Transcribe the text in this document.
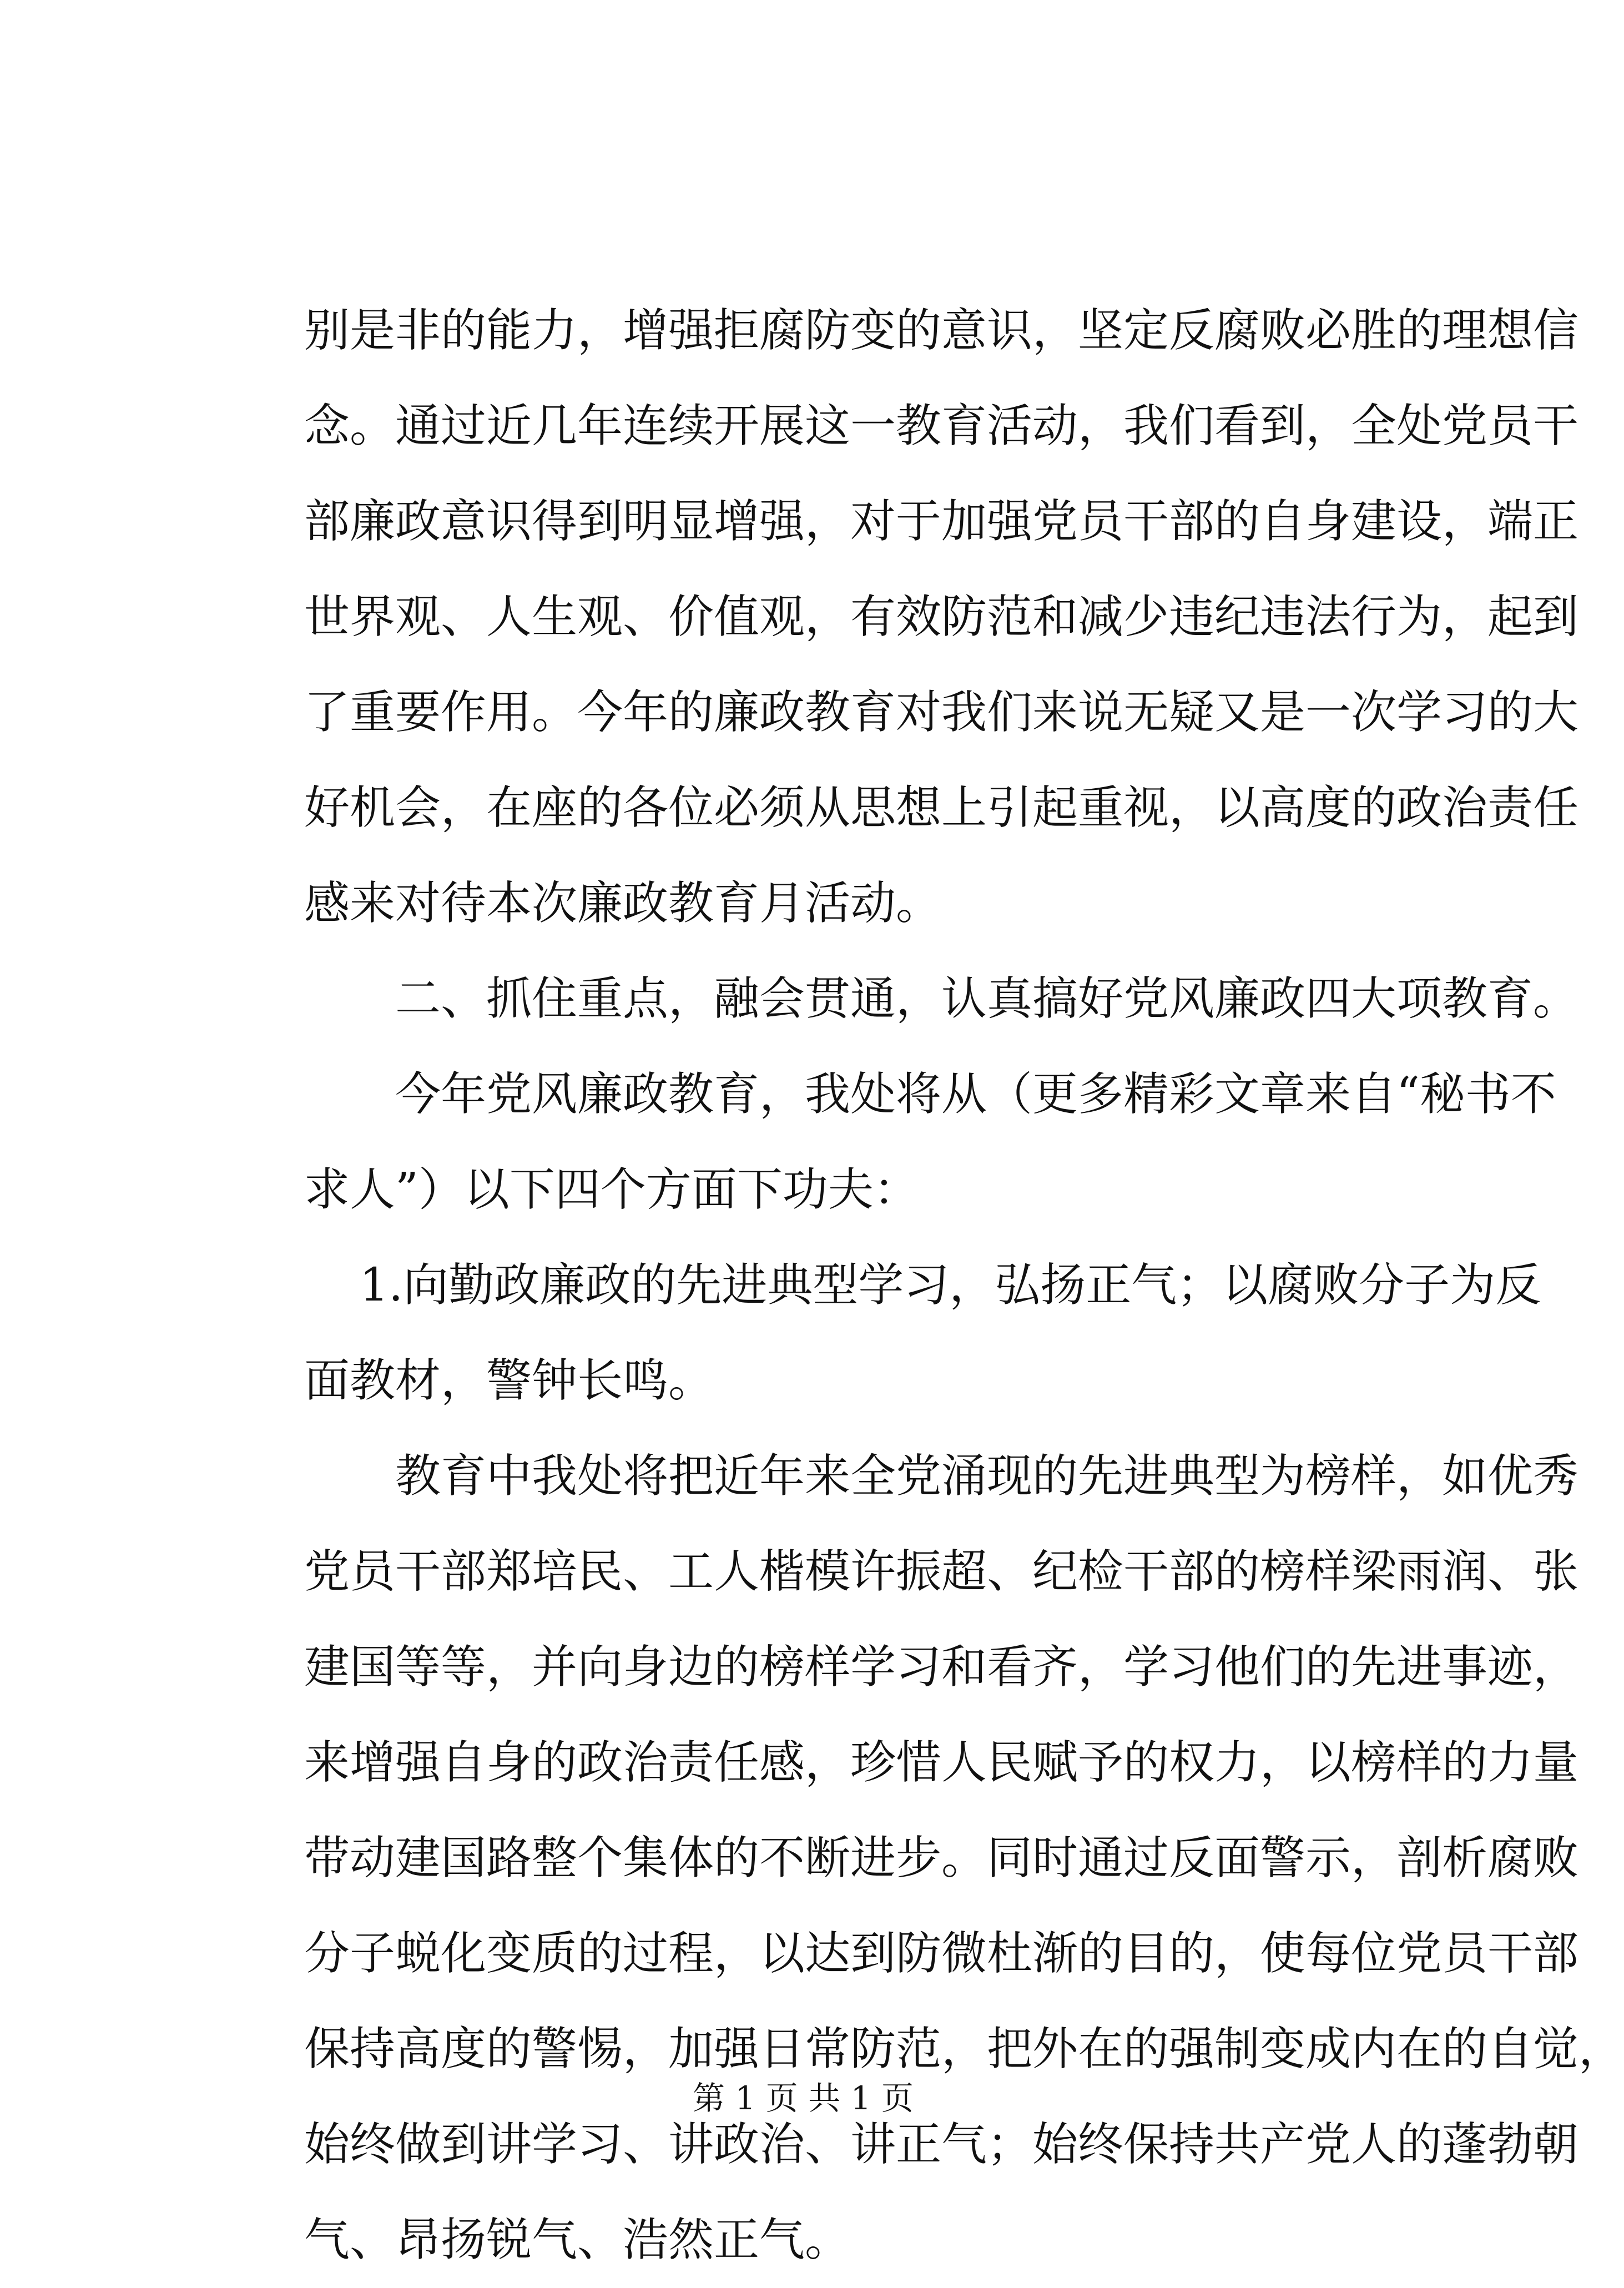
别是非的能力，增强拒腐防变的意识，坚定反腐败必胜的理想信
念。通过近几年连续开展这一教育活动，我们看到，全处党员干
部廉政意识得到明显增强，对于加强党员干部的自身建设，端正
世界观、人生观、价值观，有效防范和减少违纪违法行为，起到
了重要作用。今年的廉政教育对我们来说无疑又是一次学习的大
好机会，在座的各位必须从思想上引起重视，以高度的政治责任
感来对待本次廉政教育月活动。
二、抓住重点，融会贯通，认真搞好党风廉政四大项教育。
今年党风廉政教育，我处将从（更多精彩文章来自“秘书不
求人”）以下四个方面下功夫：
1.向勤政廉政的先进典型学习，弘扬正气；以腐败分子为反
面教材，警钟长鸣。
教育中我处将把近年来全党涌现的先进典型为榜样，如优秀
党员干部郑培民、工人楷模许振超、纪检干部的榜样梁雨润、张
建国等等，并向身边的榜样学习和看齐，学习他们的先进事迹，
来增强自身的政治责任感，珍惜人民赋予的权力，以榜样的力量
带动建国路整个集体的不断进步。同时通过反面警示，剖析腐败
分子蜕化变质的过程，以达到防微杜渐的目的，使每位党员干部
保持高度的警惕，加强日常防范，把外在的强制变成内在的自觉，
始终做到讲学习、讲政治、讲正气；始终保持共产党人的蓬勃朝
气、昂扬锐气、浩然正气。
第 1 页 共 1 页
